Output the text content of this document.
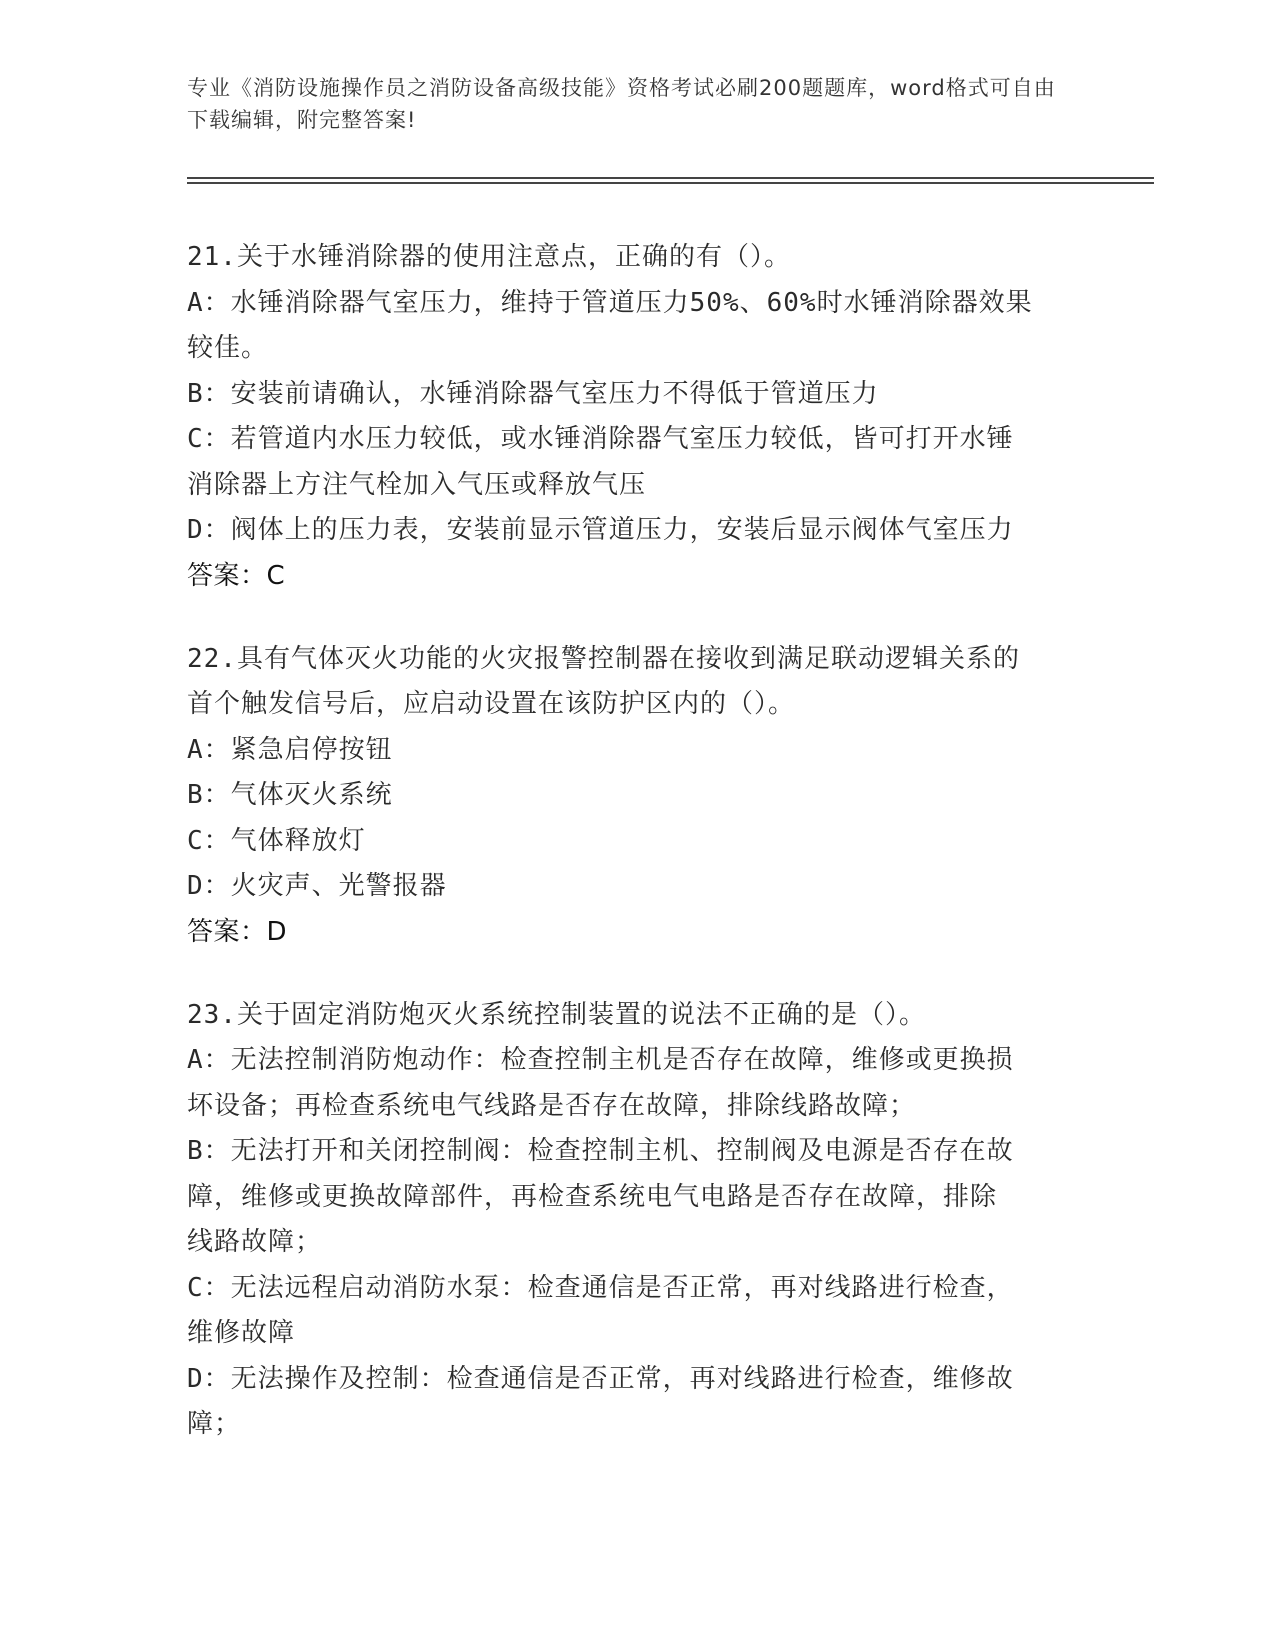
专业《消防设施操作员之消防设备高级技能》资格考试必刷200题题库，word格式可自由下载编辑，附完整答案!

21.关于水锤消除器的使用注意点，正确的有（）。

A：水锤消除器气室压力，维持于管道压力50%、60%时水锤消除器效果

较佳。

B：安装前请确认，水锤消除器气室压力不得低于管道压力

C：若管道内水压力较低，或水锤消除器气室压力较低，皆可打开水锤

消除器上方注气栓加入气压或释放气压

D：阀体上的压力表，安装前显示管道压力，安装后显示阀体气室压力

答案：C

22.具有气体灭火功能的火灾报警控制器在接收到满足联动逻辑关系的

首个触发信号后，应启动设置在该防护区内的（）。

A：紧急启停按钮

B：气体灭火系统

C：气体释放灯

D：火灾声、光警报器

答案：D

23.关于固定消防炮灭火系统控制装置的说法不正确的是（）。

A：无法控制消防炮动作：检查控制主机是否存在故障，维修或更换损

坏设备；再检查系统电气线路是否存在故障，排除线路故障；

B：无法打开和关闭控制阀：检查控制主机、控制阀及电源是否存在故

障，维修或更换故障部件，再检查系统电气电路是否存在故障，排除

线路故障；

C：无法远程启动消防水泵：检查通信是否正常，再对线路进行检查，

维修故障

D：无法操作及控制：检查通信是否正常，再对线路进行检查，维修故

障；
